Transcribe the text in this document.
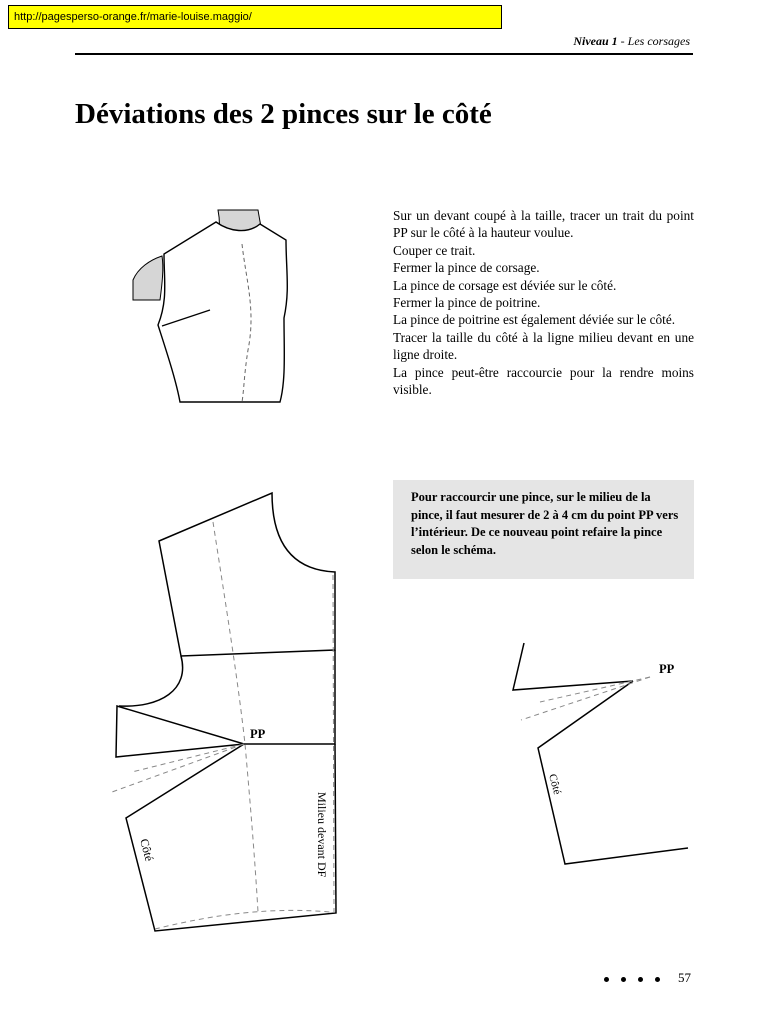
http://pagesperso-orange.fr/marie-louise.maggio/
Niveau 1 - Les corsages
Déviations des 2 pinces sur le côté
Sur un devant coupé à la taille, tracer un trait du point PP sur le côté à la hauteur voulue.
Couper ce trait.
Fermer la pince de corsage.
La pince de corsage est déviée sur le côté.
Fermer la pince de poitrine.
La pince de poitrine est également déviée sur le côté.
Tracer la taille du côté à la ligne milieu devant en une ligne droite.
La pince peut-être raccourcie pour la rendre moins visible.
Pour raccourcir une pince, sur le milieu de la pince, il faut mesurer de 2 à 4 cm du point PP vers l’intérieur. De ce nouveau point refaire la pince selon le schéma.
PP
Côté	Milieu devant DF
PP
Côté
57
